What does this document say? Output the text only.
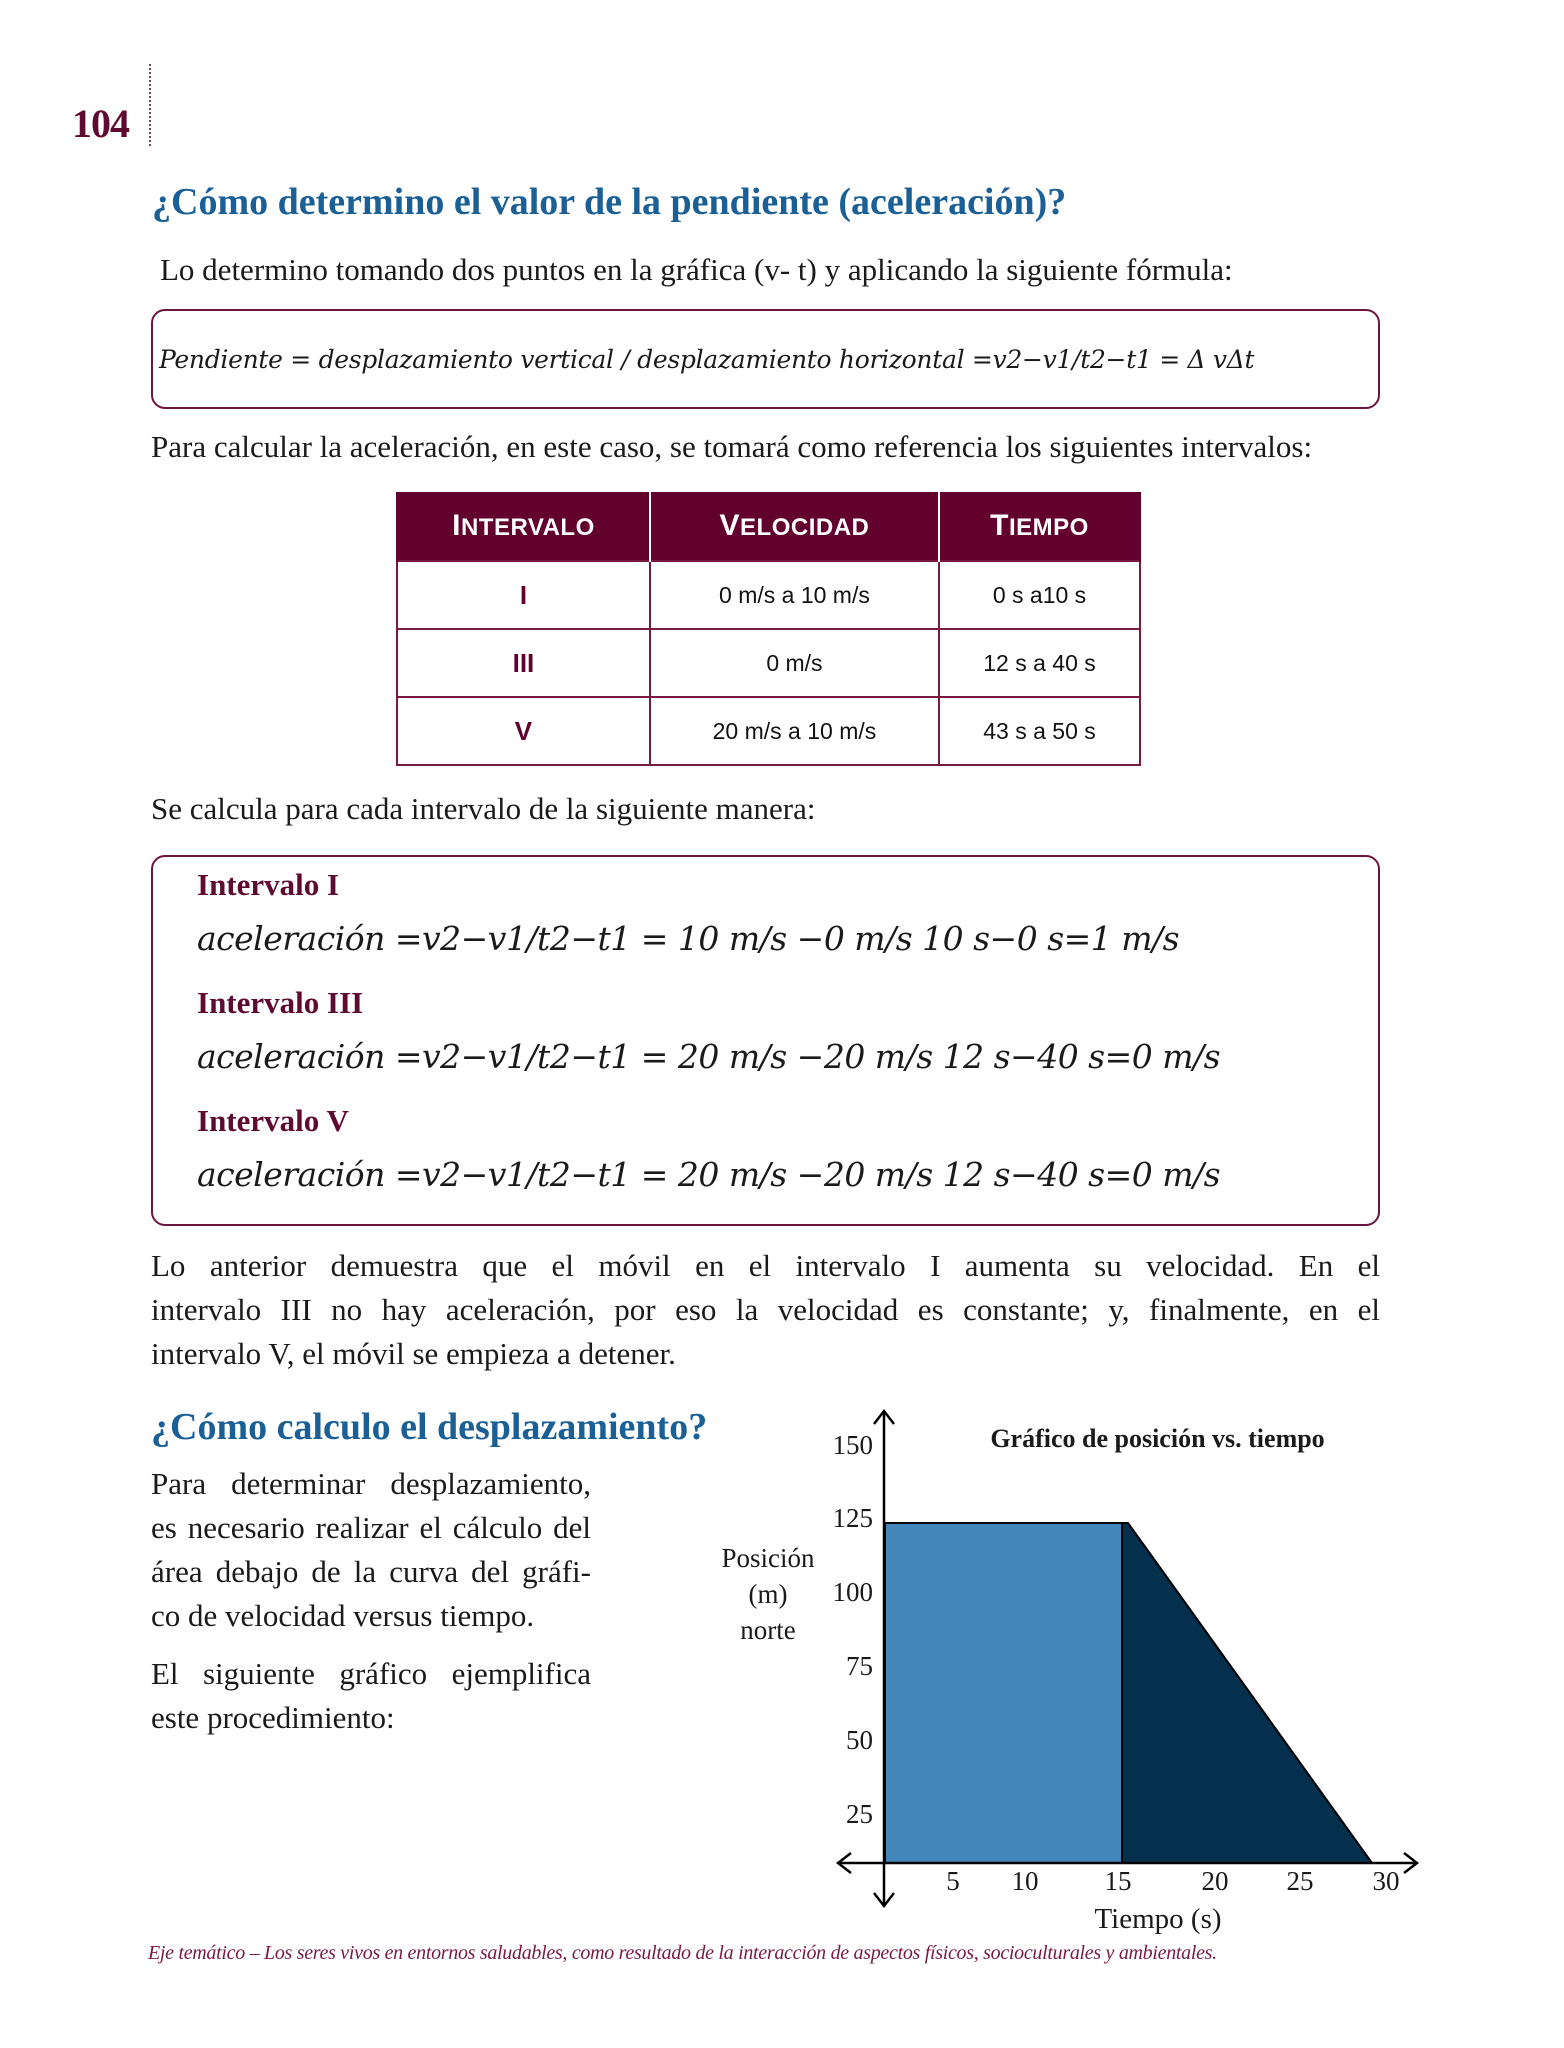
104
¿Cómo determino el valor de la pendiente (aceleración)?
Lo determino tomando dos puntos en la gráfica (v- t) y aplicando la siguiente fórmula:
Pendiente = desplazamiento vertical / desplazamiento horizontal =v2−v1/t2−t1 = Δ vΔt
Para calcular la aceleración, en este caso, se tomará como referencia los siguientes intervalos:
INTERVALO	VELOCIDAD	TIEMPO
I	0 m/s a 10 m/s	0 s a10 s
III	0 m/s	12 s a 40 s
V	20 m/s a 10 m/s	43 s a 50 s
Se calcula para cada intervalo de la siguiente manera:
Intervalo I
aceleración =v2−v1/t2−t1 = 10 m/s −0 m/s 10 s−0 s=1 m/s
Intervalo III
aceleración =v2−v1/t2−t1 = 20 m/s −20 m/s 12 s−40 s=0 m/s
Intervalo V
aceleración =v2−v1/t2−t1 = 20 m/s −20 m/s 12 s−40 s=0 m/s
Lo anterior demuestra que el móvil en el intervalo I aumenta su velocidad. En el
intervalo III no hay aceleración, por eso la velocidad es constante; y, finalmente, en el
intervalo V, el móvil se empieza a detener.
¿Cómo calculo el desplazamiento?
Para determinar desplazamiento,
es necesario realizar el cálculo del
área debajo de la curva del gráfi-
co de velocidad versus tiempo.
El siguiente gráfico ejemplifica
este procedimiento:
150
125
100
75
50
25
Posición
(m)
norte
5	10	15	20	25	30
Tiempo (s)
Gráfico de posición vs. tiempo
Eje temático – Los seres vivos en entornos saludables, como resultado de la interacción de aspectos físicos, socioculturales y ambientales.
